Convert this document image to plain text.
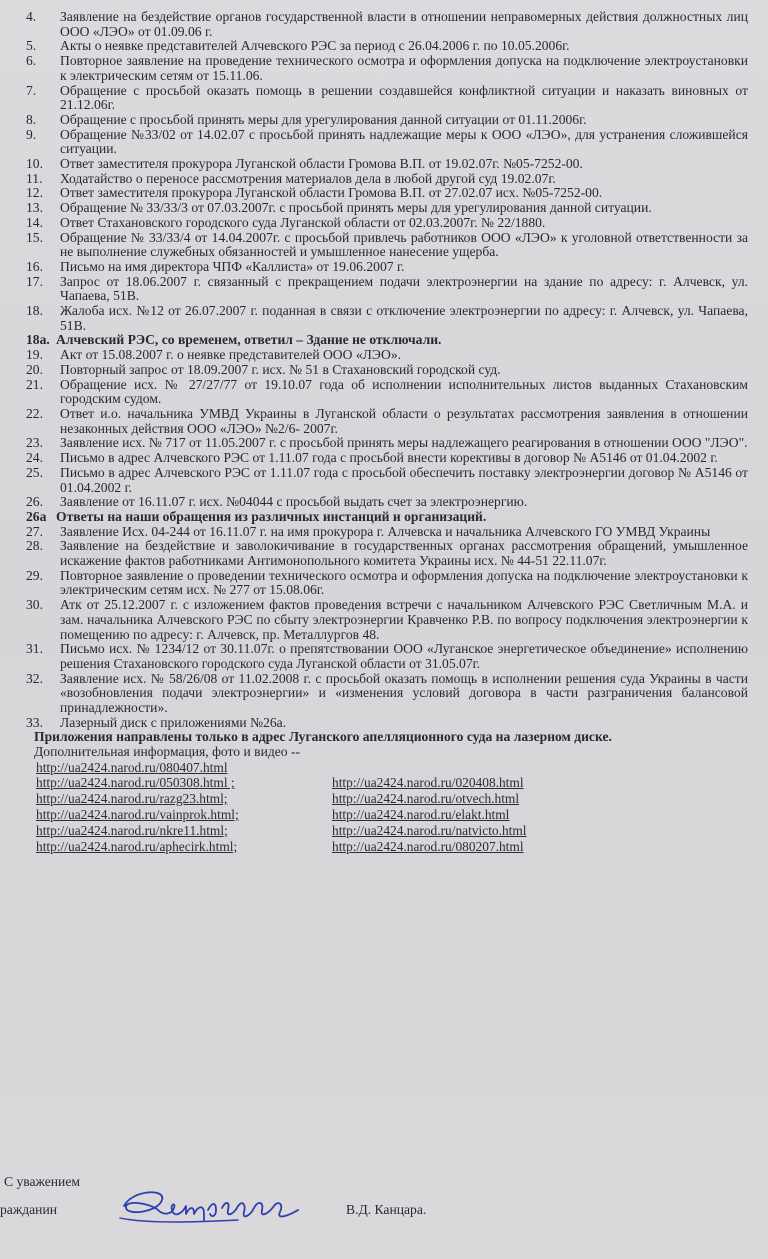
4.	Заявление на бездействие органов государственной власти в отношении неправомерных действия должностных лиц ООО «ЛЭО» от 01.09.06 г.
5.	Акты о неявке представителей Алчевского РЭС за период с 26.04.2006 г. по 10.05.2006г.
6.	Повторное заявление на проведение технического осмотра и оформления допуска на подключение электроустановки к электрическим сетям от 15.11.06.
7.	Обращение с просьбой оказать помощь в решении создавшейся конфликтной ситуации и наказать виновных от 21.12.06г.
8.	Обращение с просьбой принять меры для урегулирования данной ситуации от 01.11.2006г.
9.	Обращение №33/02 от 14.02.07 с просьбой принять надлежащие меры к ООО «ЛЭО», для устранения сложившейся ситуации.
10.	Ответ заместителя прокурора Луганской области Громова В.П. от 19.02.07г. №05-7252-00.
11.	Ходатайство о переносе рассмотрения материалов дела в любой другой суд 19.02.07г.
12.	Ответ заместителя прокурора Луганской области Громова В.П. от 27.02.07 исх. №05-7252-00.
13.	Обращение № 33/33/3 от 07.03.2007г. с просьбой принять меры для урегулирования данной ситуации.
14.	Ответ Стахановского городского суда Луганской области от 02.03.2007г. № 22/1880.
15.	Обращение № 33/33/4 от 14.04.2007г. с просьбой привлечь работников ООО «ЛЭО» к уголовной ответственности за не выполнение служебных обязанностей и умышленное нанесение ущерба.
16.	Письмо на имя директора ЧПФ «Каллиста» от 19.06.2007 г.
17.	Запрос от 18.06.2007 г. связанный с прекращением подачи электроэнергии на здание по адресу: г. Алчевск, ул. Чапаева, 51В.
18.	Жалоба исх. №12 от 26.07.2007 г. поданная в связи с отключение электроэнергии по адресу: г. Алчевск, ул. Чапаева, 51В.
18а. Алчевский РЭС, со временем, ответил – Здание не отключали.
19.	Акт от 15.08.2007 г. о неявке представителей ООО «ЛЭО».
20.	Повторный запрос от 18.09.2007 г. исх. № 51 в Стахановский городской суд.
21.	Обращение исх. № 27/27/77 от 19.10.07 года об исполнении исполнительных листов выданных Стахановским городским судом.
22.	Ответ и.о. начальника УМВД Украины в Луганской области о результатах рассмотрения заявления в отношении незаконных действия ООО «ЛЭО» №2/6- 2007г.
23.	Заявление исх. № 717 от 11.05.2007 г. с просьбой принять меры надлежащего реагирования в отношении ООО "ЛЭО".
24.	Письмо в адрес Алчевского РЭС от 1.11.07 года с просьбой внести корективы в договор № А5146 от 01.04.2002 г.
25.	Письмо в адрес Алчевского РЭС от 1.11.07 года с просьбой обеспечить поставку электроэнергии договор № А5146 от 01.04.2002 г.
26.	Заявление от 16.11.07 г. исх. №04044 с просьбой выдать счет за электроэнергию.
26а Ответы на наши обращения из различных инстанций и организаций.
27.	Заявление Исх. 04-244 от 16.11.07 г. на имя прокурора г. Алчевска и начальника Алчевского ГО УМВД Украины
28.	Заявление на бездействие и заволокичивание в государственных органах рассмотрения обращений, умышленное искажение фактов работниками Антимонопольного комитета Украины исх. № 44-51 22.11.07г.
29.	Повторное заявление о проведении технического осмотра и оформления допуска на подключение электроустановки к электрическим сетям исх. № 277 от 15.08.06г.
30.	Атк от 25.12.2007 г. с изложением фактов проведения встречи с начальником Алчевского РЭС Светличным М.А. и зам. начальника Алчевского РЭС по сбыту электроэнергии Кравченко Р.В. по вопросу подключения электроэнергии к помещению по адресу: г. Алчевск, пр. Металлургов 48.
31.	Письмо исх. № 1234/12 от 30.11.07г. о препятствовании ООО «Луганское энергетическое объединение» исполнению решения Стахановского городского суда Луганской области от 31.05.07г.
32.	Заявление исх. № 58/26/08 от 11.02.2008 г. с просьбой оказать помощь в исполнении решения суда Украины в части «возобновления подачи электроэнергии» и «изменения условий договора в части разграничения балансовой принадлежности».
33.	Лазерный диск с приложениями №26а.
Приложения направлены только в адрес Луганского апелляционного суда на лазерном диске.
Дополнительная информация, фото и видео --
http://ua2424.narod.ru/080407.html
http://ua2424.narod.ru/050308.html ;	http://ua2424.narod.ru/020408.html
http://ua2424.narod.ru/razg23.html;	http://ua2424.narod.ru/otvech.html
http://ua2424.narod.ru/vainprok.html;	http://ua2424.narod.ru/elakt.html
http://ua2424.narod.ru/nkre11.html;	http://ua2424.narod.ru/natvicto.html
http://ua2424.narod.ru/aphecirk.html;	http://ua2424.narod.ru/080207.html
С уважением
ражданин	В.Д. Канцара.
